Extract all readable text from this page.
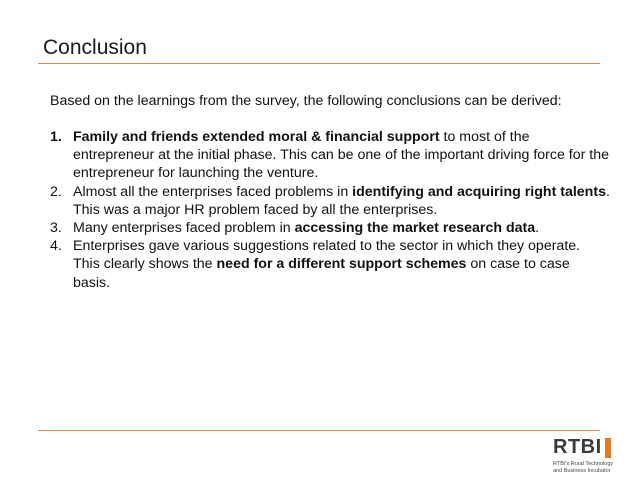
Conclusion
Based on the learnings from the survey, the following conclusions can be derived:
1. Family and friends extended moral & financial support to most of the entrepreneur at the initial phase. This can be one of the important driving force for the entrepreneur for launching the venture.
2. Almost all the enterprises faced problems in identifying and acquiring right talents. This was a major HR problem faced by all the enterprises.
3. Many enterprises faced problem in accessing the market research data.
4. Enterprises gave various suggestions related to the sector in which they operate. This clearly shows the need for a different support schemes on case to case basis.
RTBI
RTBI's Rural Technology
and Business Incubator
